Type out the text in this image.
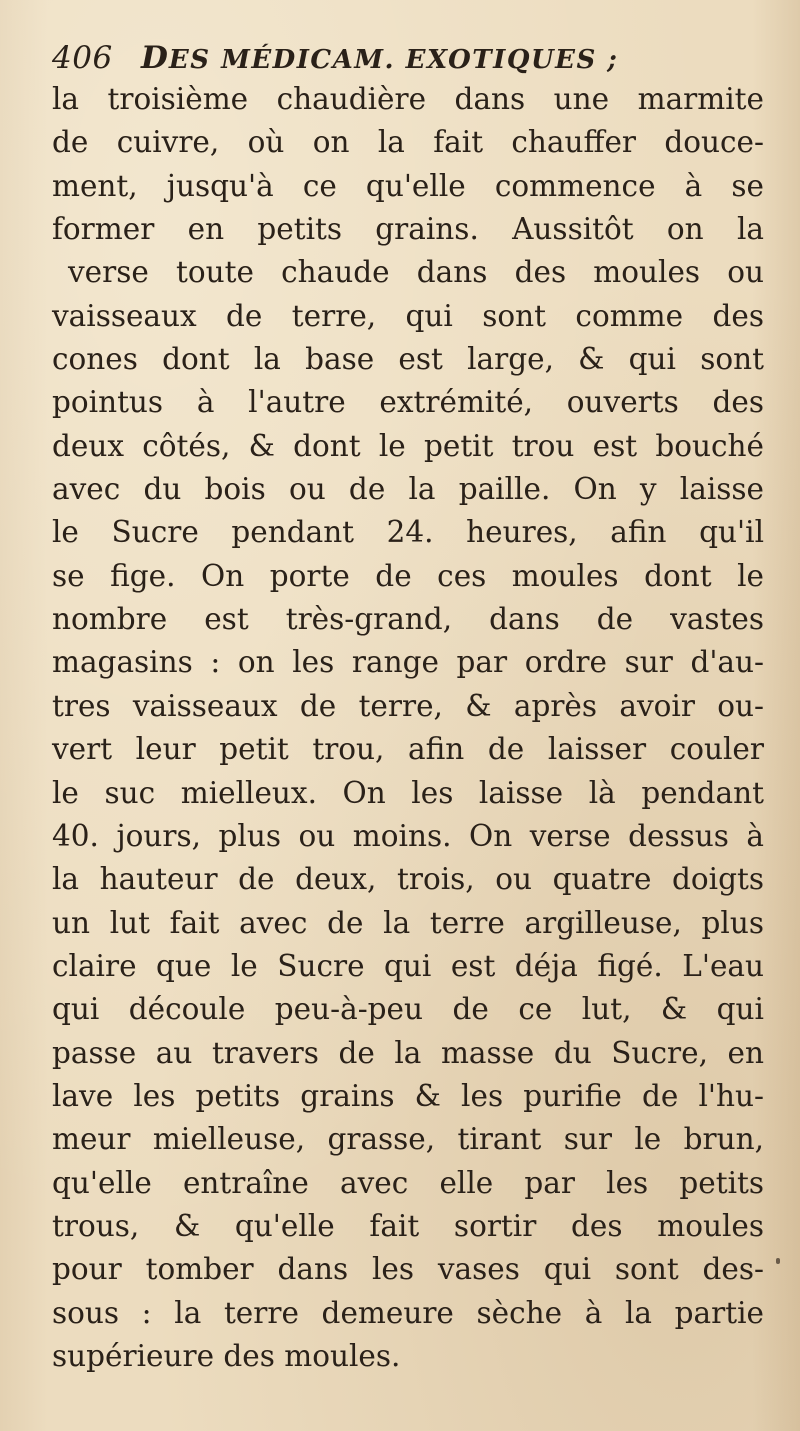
406 DES MÉDICAM. EXOTIQUES ;
la troisième chaudière dans une marmite
de cuivre, où on la fait chauffer douce-
ment, jusqu'à ce qu'elle commence à se
former en petits grains. Aussitôt on la
verse toute chaude dans des moules ou
vaisseaux de terre, qui sont comme des
cones dont la base est large, & qui sont
pointus à l'autre extrémité, ouverts des
deux côtés, & dont le petit trou est bouché
avec du bois ou de la paille. On y laisse
le Sucre pendant 24. heures, afin qu'il
se fige. On porte de ces moules dont le
nombre est très-grand, dans de vastes
magasins : on les range par ordre sur d'au-
tres vaisseaux de terre, & après avoir ou-
vert leur petit trou, afin de laisser couler
le suc mielleux. On les laisse là pendant
40. jours, plus ou moins. On verse dessus à
la hauteur de deux, trois, ou quatre doigts
un lut fait avec de la terre argilleuse, plus
claire que le Sucre qui est déja figé. L'eau
qui découle peu-à-peu de ce lut, & qui
passe au travers de la masse du Sucre, en
lave les petits grains & les purifie de l'hu-
meur mielleuse, grasse, tirant sur le brun,
qu'elle entraîne avec elle par les petits
trous, & qu'elle fait sortir des moules
pour tomber dans les vases qui sont des-
sous : la terre demeure sèche à la partie
supérieure des moules.
